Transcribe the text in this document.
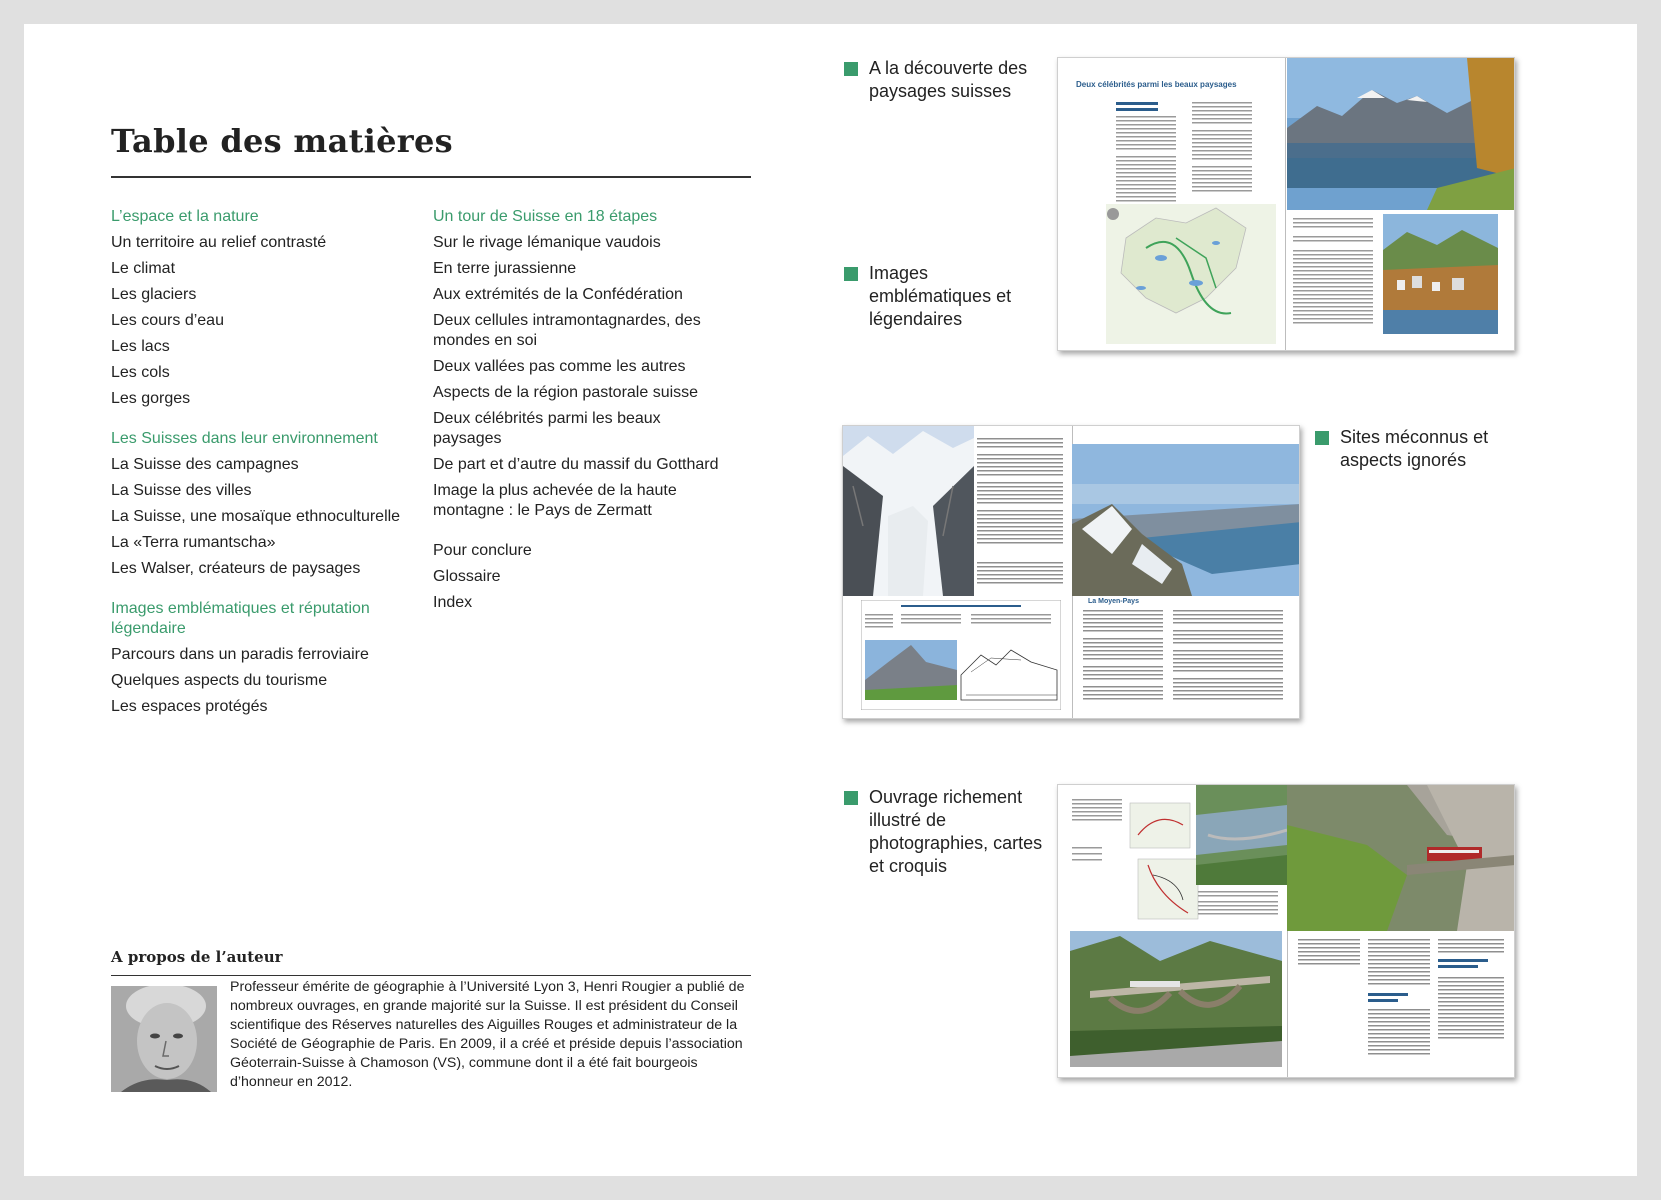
Table des matières
L’espace et la nature
Un territoire au relief contrasté
Le climat
Les glaciers
Les cours d’eau
Les lacs
Les cols
Les gorges
Les Suisses dans leur environnement
La Suisse des campagnes
La Suisse des villes
La Suisse, une mosaïque ethnoculturelle
La «Terra rumantscha»
Les Walser, créateurs de paysages
Images emblématiques et réputation légendaire
Parcours dans un paradis ferroviaire
Quelques aspects du tourisme
Les espaces protégés
Un tour de Suisse en 18 étapes
Sur le rivage lémanique vaudois
En terre jurassienne
Aux extrémités de la Confédération
Deux cellules intramontagnardes, des mondes en soi
Deux vallées pas comme les autres
Aspects de la région pastorale suisse
Deux célébrités parmi les beaux paysages
De part et d’autre du massif du Gotthard
Image la plus achevée de la haute montagne : le Pays de Zermatt
Pour conclure
Glossaire
Index
A propos de l’auteur
Professeur émérite de géographie à l’Université Lyon 3, Henri Rougier a publié de nombreux ouvrages, en grande majorité sur la Suisse. Il est président du Conseil scientifique des Réserves naturelles des Aiguilles Rouges et administrateur de la Société de Géographie de Paris. En 2009, il a créé et préside depuis l’association Géoterrain-Suisse à Chamoson (VS), commune dont il a été fait bourgeois d’honneur en 2012.
A la découverte des paysages suisses
Images emblématiques et légendaires
Sites méconnus et aspects ignorés
Ouvrage richement illustré de photographies, cartes et croquis
Deux célébrités parmi les beaux paysages
La Moyen-Pays
